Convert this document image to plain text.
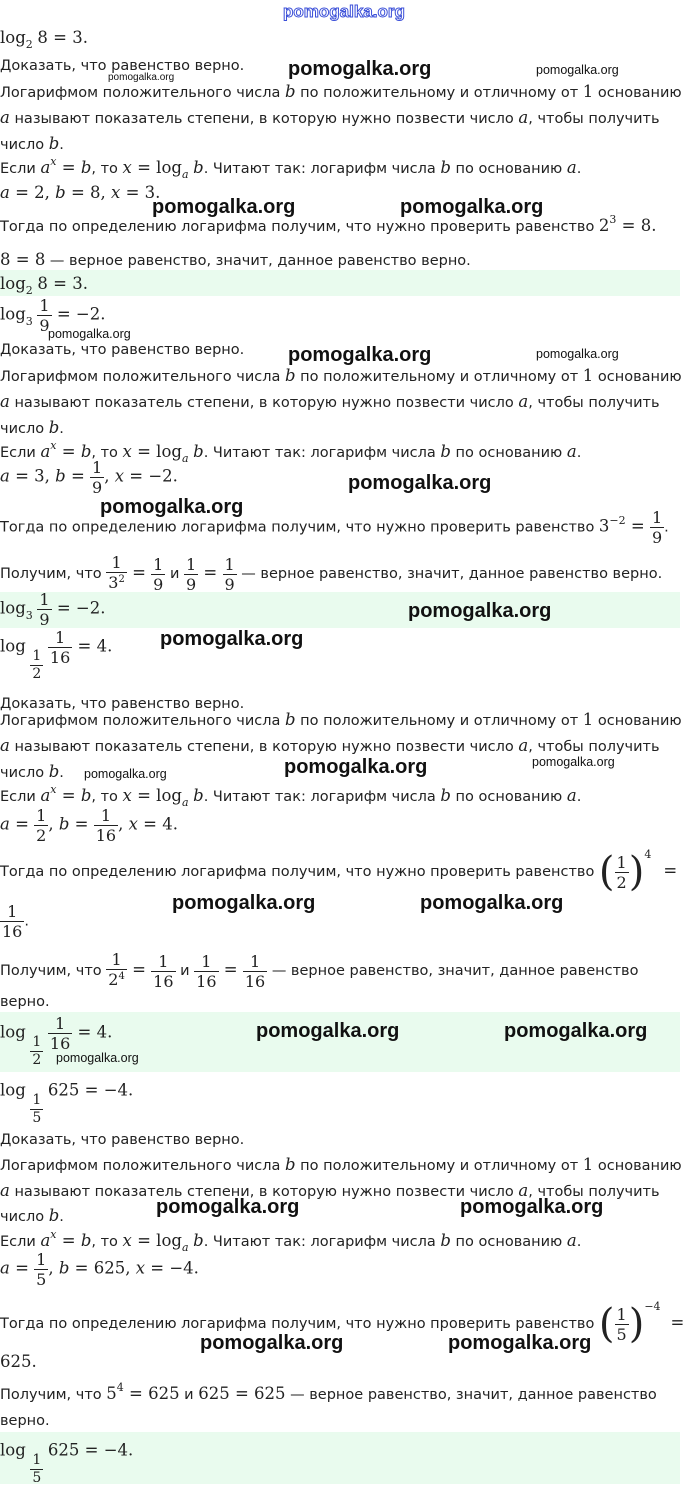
pomogalka.org
$\log_2 8 = 3$.
Доказать, что равенство верно.
Логарифмом положительного числа b по положительному и отличному от 1 основанию
a называют показатель степени, в которую нужно позвести число a, чтобы получить
число b.
Если $a^x = b$, то $x = \log_a b$. Читают так: логарифм числа b по основанию a.
a = 2, b = 8, x = 3.
Тогда по определению логарифма получим, что нужно проверить равенство $2^3 = 8$.
8 = 8 — верное равенство, значит, данное равенство верно.
$\log_2 8 = 3$.
$\log_3 \frac{1}{9} = -2$.
Доказать, что равенство верно.
Логарифмом положительного числа b по положительному и отличному от 1 основанию
a называют показатель степени, в которую нужно позвести число a, чтобы получить
число b.
Если $a^x = b$, то $x = \log_a b$. Читают так: логарифм числа b по основанию a.
a = 3, $b = \frac{1}{9}$ , x = −2.
Тогда по определению логарифма получим, что нужно проверить равенство $3^{-2} = \frac{1}{9}$ .
Получим, что $\frac{1}{3^2} = \frac{1}{9}$ и $\frac{1}{9} = \frac{1}{9}$ — верное равенство, значит, данное равенство верно.
$\log_3 \frac{1}{9} = -2$.
log
$\frac{1}{2}$
$\frac{1}{16} = 4$.
Доказать, что равенство верно.
Логарифмом положительного числа b по положительному и отличному от 1 основанию
a называют показатель степени, в которую нужно позвести число a, чтобы получить
число b.
Если $a^x = b$, то $x = \log_a b$. Читают так: логарифм числа b по основанию a.
$a = \frac{1}{2}$ , $b = \frac{1}{16}$ , x = 4.
Тогда по определению логарифма получим, что нужно проверить равенство ( $\frac{1}{2} )^4=$
$\frac{1}{16}$ .
Получим, что $\frac{1}{2^4} = \frac{1}{16}$ и $\frac{1}{16} = \frac{1}{16}$ — верное равенство, значит, данное равенство
верно.
log
$\frac{1}{2}$
$\frac{1}{16} = 4$.
log
$\frac{1}{5}$
625 = −4.
Доказать, что равенство верно.
Логарифмом положительного числа b по положительному и отличному от 1 основанию
a называют показатель степени, в которую нужно позвести число a, чтобы получить
число b.
Если $a^x = b$, то $x = \log_a b$. Читают так: логарифм числа b по основанию a.
$a = \frac{1}{5}$ , b = 625, x = −4.
Тогда по определению логарифма получим, что нужно проверить равенство ( $\frac{1}{5} )^{-4}=$
625.
Получим, что $5^4 = 625$ и 625 = 625 — верное равенство, значит, данное равенство
верно.
log
$\frac{1}{5}$
625 = −4.
pomogalka.org	pomogalka.org
pomogalka.org
pomogalka.org	pomogalka.org
pomogalka.org
pomogalka.org	pomogalka.org
pomogalka.org
pomogalka.org
pomogalka.org
pomogalka.org
pomogalka.org	pomogalka.org
pomogalka.org
pomogalka.org	pomogalka.org
pomogalka.org	pomogalka.org
pomogalka.org
pomogalka.org	pomogalka.org
pomogalka.org	pomogalka.org
